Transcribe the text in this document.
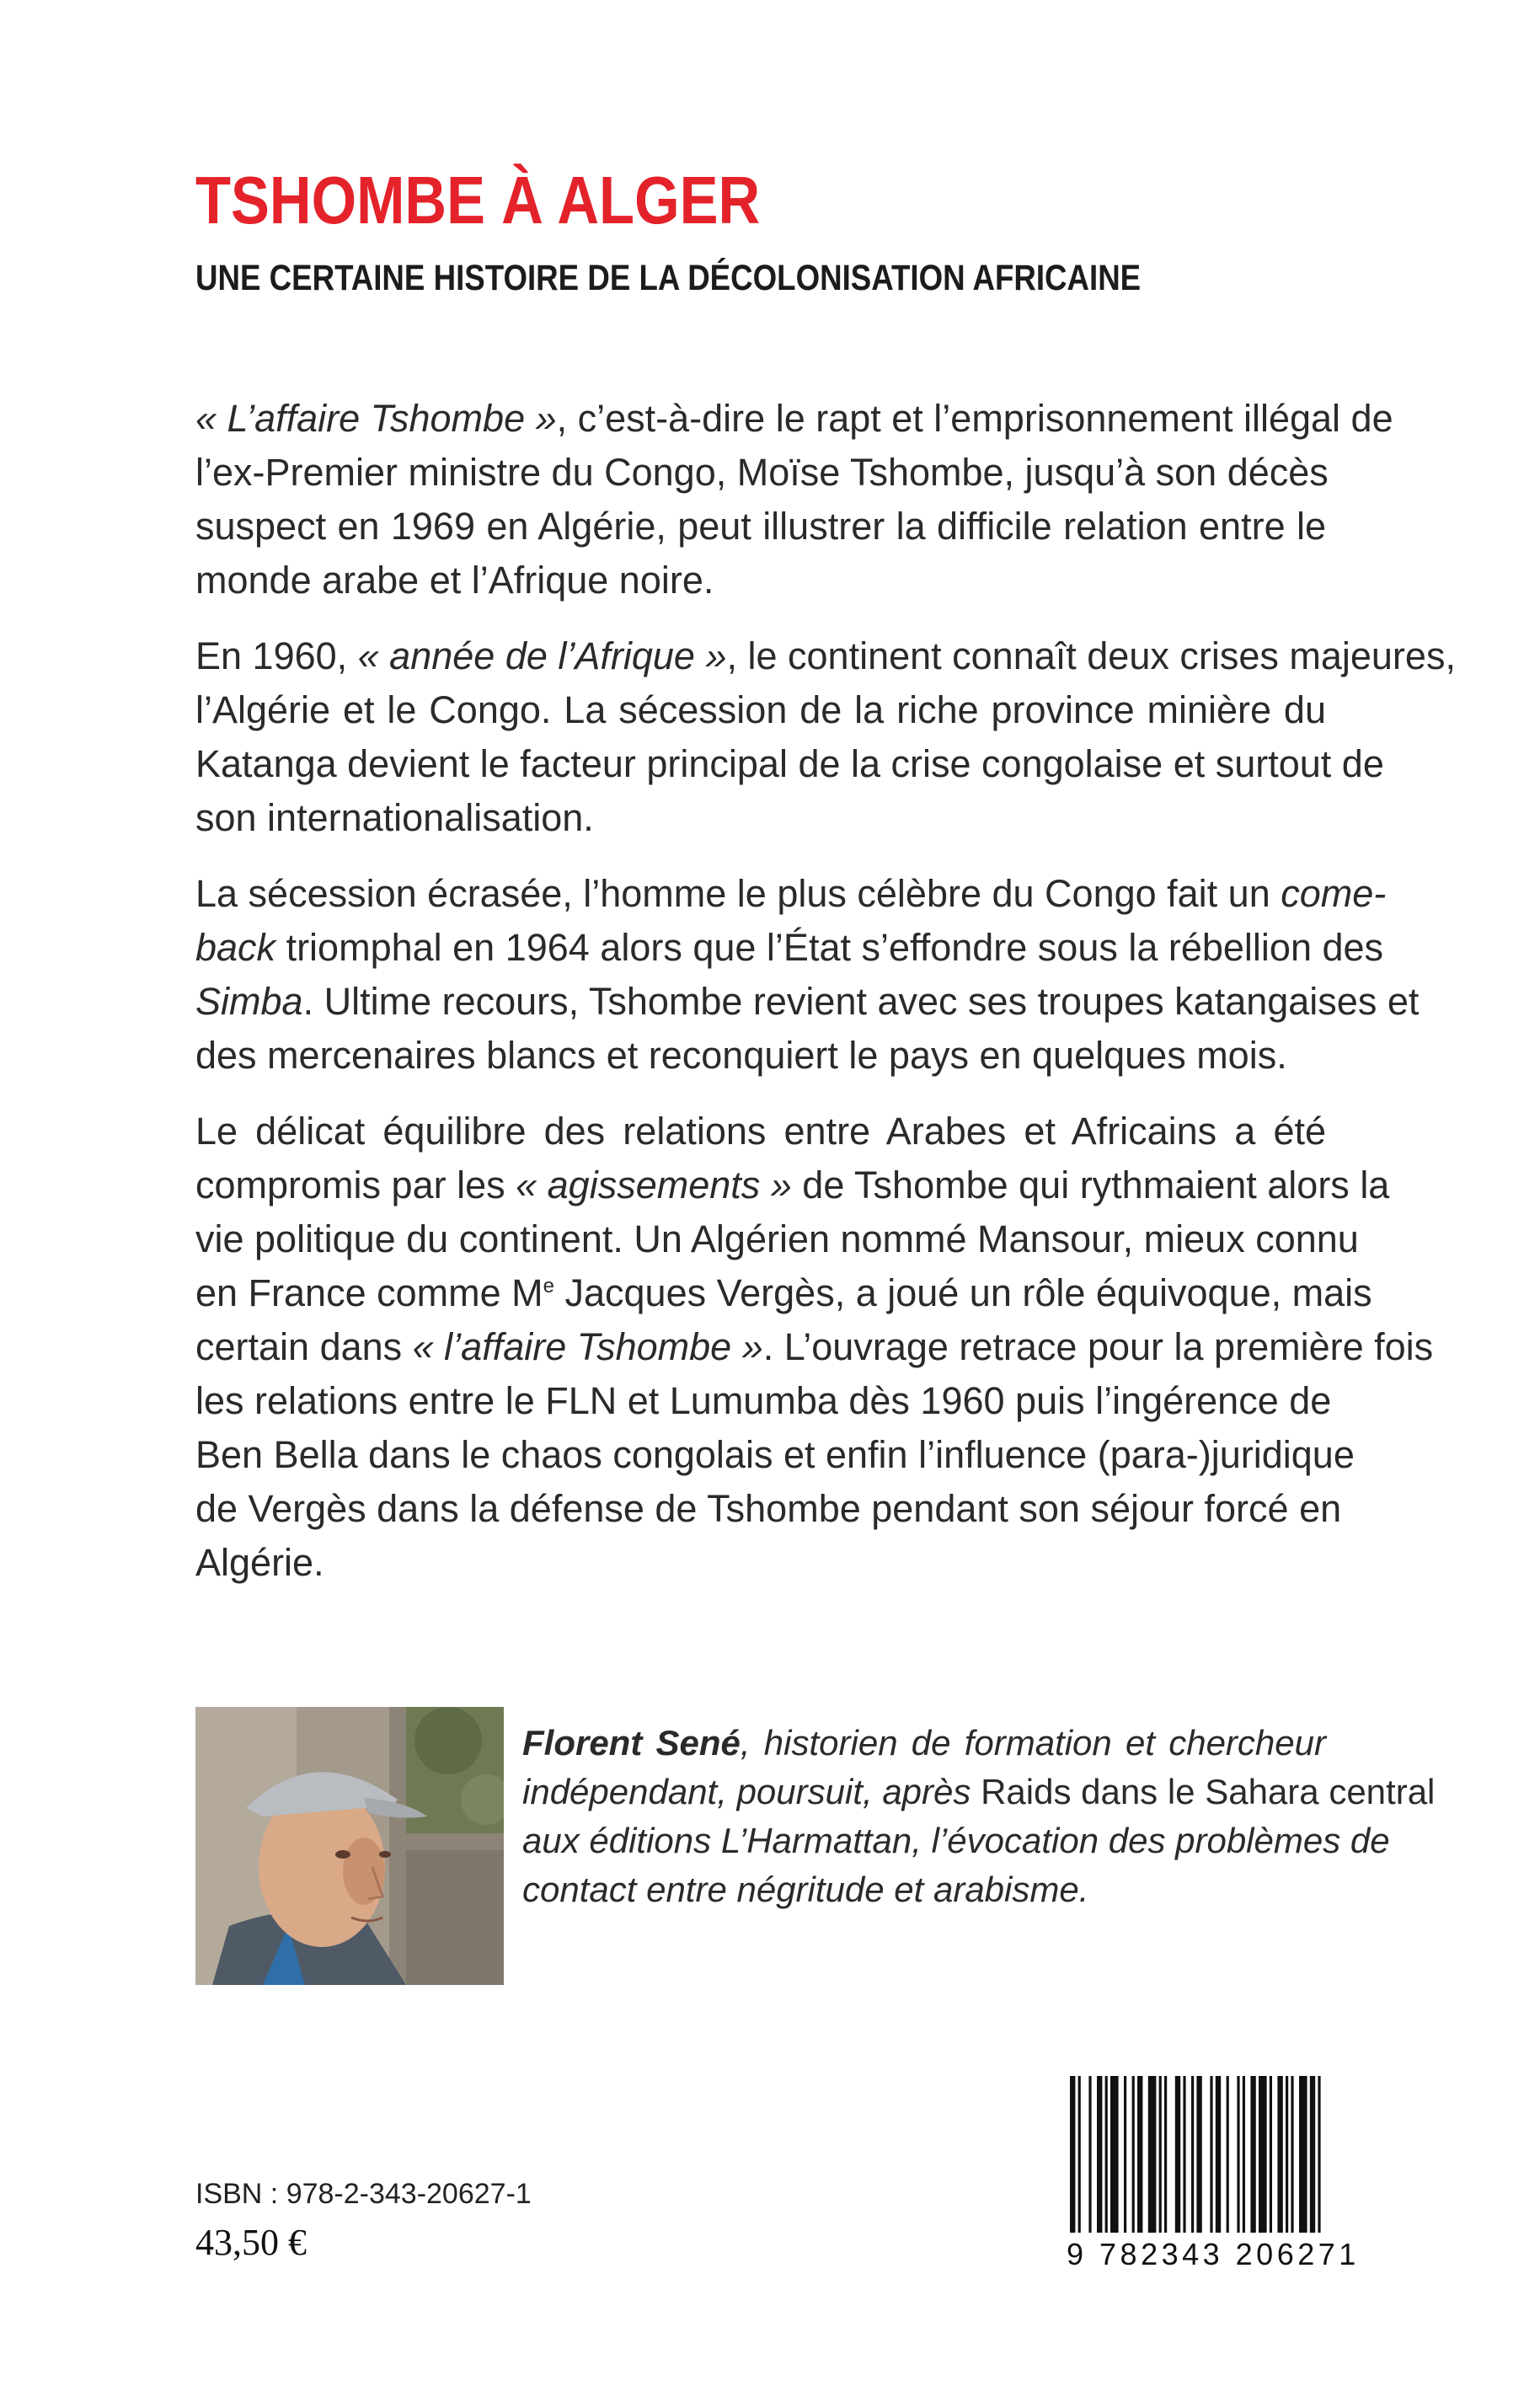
TSHOMBE À ALGER
UNE CERTAINE HISTOIRE DE LA DÉCOLONISATION AFRICAINE
« L’affaire Tshombe », c’est-à-dire le rapt et l’emprisonnement illégal de
l’ex-Premier ministre du Congo, Moïse Tshombe, jusqu’à son décès
suspect en 1969 en Algérie, peut illustrer la difficile relation entre le
monde arabe et l’Afrique noire.
En 1960, « année de l’Afrique », le continent connaît deux crises majeures,
l’Algérie et le Congo. La sécession de la riche province minière du
Katanga devient le facteur principal de la crise congolaise et surtout de
son internationalisation.
La sécession écrasée, l’homme le plus célèbre du Congo fait un come-
back triomphal en 1964 alors que l’État s’effondre sous la rébellion des
Simba. Ultime recours, Tshombe revient avec ses troupes katangaises et
des mercenaires blancs et reconquiert le pays en quelques mois.
Le délicat équilibre des relations entre Arabes et Africains a été
compromis par les « agissements » de Tshombe qui rythmaient alors la
vie politique du continent. Un Algérien nommé Mansour, mieux connu
en France comme Me Jacques Vergès, a joué un rôle équivoque, mais
certain dans « l’affaire Tshombe ». L’ouvrage retrace pour la première fois
les relations entre le FLN et Lumumba dès 1960 puis l’ingérence de
Ben Bella dans le chaos congolais et enfin l’influence (para-)juridique
de Vergès dans la défense de Tshombe pendant son séjour forcé en
Algérie.
Florent Sené, historien de formation et chercheur
indépendant, poursuit, après Raids dans le Sahara central
aux éditions L’Harmattan, l’évocation des problèmes de
contact entre négritude et arabisme.

ISBN : 978-2-343-20627-1

43,50 €	9 782343 206271
